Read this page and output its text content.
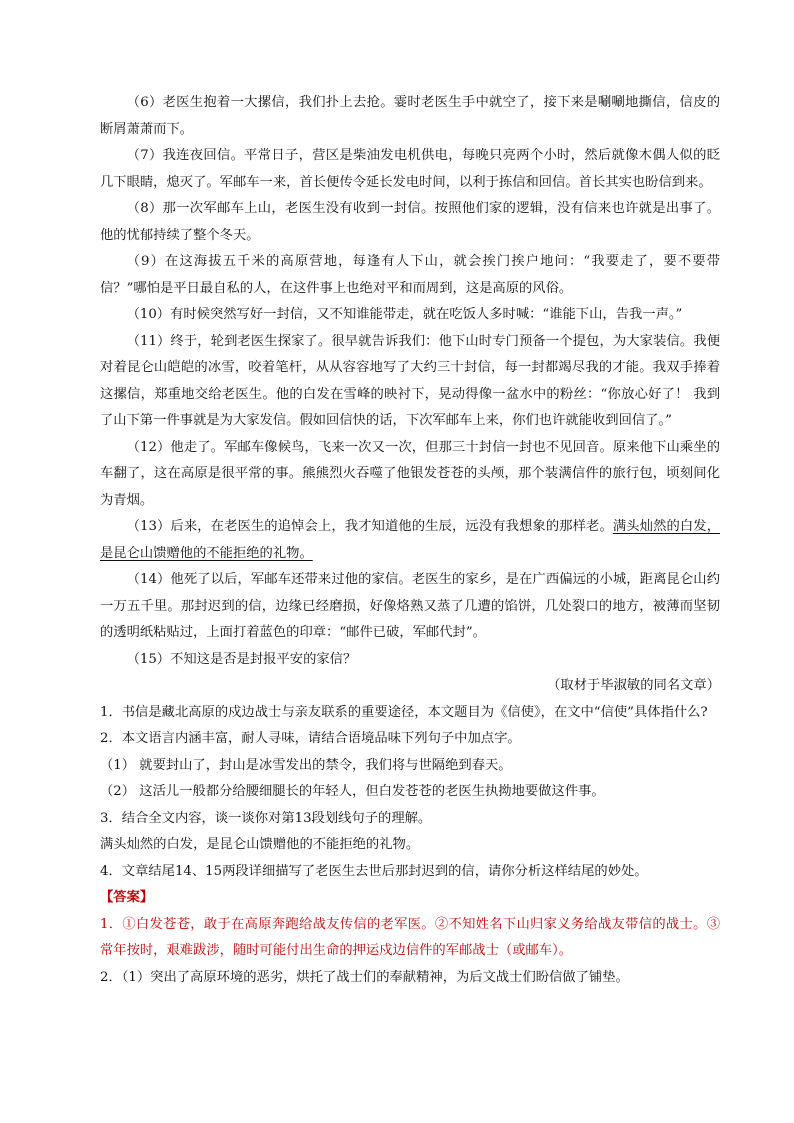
（6）老医生抱着一大摞信，我们扑上去抢。霎时老医生手中就空了，接下来是唰唰地撕信，信皮的断屑萧萧而下。

（7）我连夜回信。平常日子，营区是柴油发电机供电，每晚只亮两个小时，然后就像木偶人似的眨几下眼睛，熄灭了。军邮车一来，首长便传令延长发电时间，以利于拣信和回信。首长其实也盼信到来。

（8）那一次军邮车上山，老医生没有收到一封信。按照他们家的逻辑，没有信来也许就是出事了。他的忧郁持续了整个冬天。

（9）在这海拔五千米的高原营地，每逢有人下山，就会挨门挨户地问：“我要走了，要不要带信？”哪怕是平日最自私的人，在这件事上也绝对平和而周到，这是高原的风俗。

（10）有时候突然写好一封信，又不知谁能带走，就在吃饭人多时喊：“谁能下山，告我一声。”

（11）终于，轮到老医生探家了。很早就告诉我们：他下山时专门预备一个提包，为大家装信。我便对着昆仑山皑皑的冰雪，咬着笔杆，从从容容地写了大约三十封信，每一封都竭尽我的才能。我双手捧着这摞信，郑重地交给老医生。他的白发在雪峰的映衬下，晃动得像一盆水中的粉丝：“你放心好了！ 我到了山下第一件事就是为大家发信。假如回信快的话，下次军邮车上来，你们也许就能收到回信了。”

（12）他走了。军邮车像候鸟，飞来一次又一次，但那三十封信一封也不见回音。原来他下山乘坐的车翻了，这在高原是很平常的事。熊熊烈火吞噬了他银发苍苍的头颅，那个装满信件的旅行包，顷刻间化为青烟。

（13）后来，在老医生的追悼会上，我才知道他的生辰，远没有我想象的那样老。满头灿然的白发，是昆仑山馈赠他的不能拒绝的礼物。

（14）他死了以后，军邮车还带来过他的家信。老医生的家乡，是在广西偏远的小城，距离昆仑山约一万五千里。那封迟到的信，边缘已经磨损，好像烙熟又蒸了几遭的馅饼，几处裂口的地方，被薄而坚韧的透明纸粘贴过，上面打着蓝色的印章：“邮件已破，军邮代封”。

（15）不知这是否是封报平安的家信？

（取材于毕淑敏的同名文章）

1．书信是藏北高原的戍边战士与亲友联系的重要途径，本文题目为《信使》，在文中“信使”具体指什么?

2．本文语言内涵丰富，耐人寻味，请结合语境品味下列句子中加点字。

（1） 就要封山了，封山是冰雪发出的禁令，我们将与世隔绝到春天。

（2） 这活儿一般都分给腰细腿长的年轻人，但白发苍苍的老医生执拗地要做这件事。

3．结合全文内容，谈一谈你对第13段划线句子的理解。

满头灿然的白发，是昆仑山馈赠他的不能拒绝的礼物。

4．文章结尾14、15两段详细描写了老医生去世后那封迟到的信，请你分析这样结尾的妙处。

【答案】

1．①白发苍苍，敢于在高原奔跑给战友传信的老军医。②不知姓名下山归家义务给战友带信的战士。③常年按时，艰难跋涉，随时可能付出生命的押运戍边信件的军邮战士（或邮车）。

2．（1）突出了高原环境的恶劣，烘托了战士们的奉献精神，为后文战士们盼信做了铺垫。
